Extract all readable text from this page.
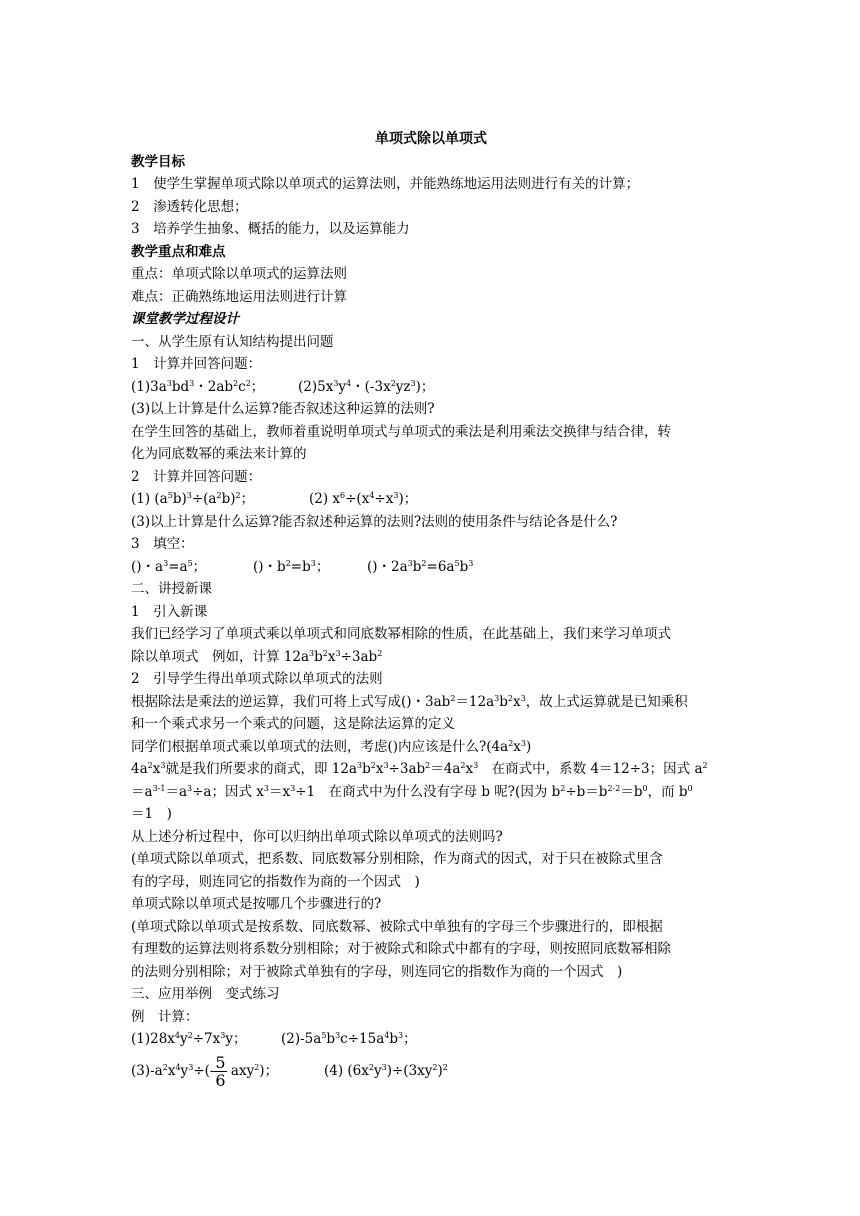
单项式除以单项式
教学目标
1　使学生掌握单项式除以单项式的运算法则，并能熟练地运用法则进行有关的计算；
2　渗透转化思想；
3　培养学生抽象、概括的能力，以及运算能力
教学重点和难点
重点：单项式除以单项式的运算法则
难点：正确熟练地运用法则进行计算
课堂教学过程设计
一、从学生原有认知结构提出问题
1　计算并回答问题：
$(1)3a^3bd^3$・$2ab^2c^2$； $(2)5x^3y^4$・$(-3x^2yz^3)$；
(3)以上计算是什么运算?能否叙述这种运算的法则?
在学生回答的基础上，教师着重说明单项式与单项式的乘法是利用乘法交换律与结合律，转
化为同底数幂的乘法来计算的
2　计算并回答问题：
(1) $(a^5b)^3\div(a^2b)^2$；	(2) $x^6\div(x^4\div x^3)$；
(3)以上计算是什么运算?能否叙述种运算的法则?法则的使用条件与结论各是什么?
3　填空：
()・$a^3=a^5$；	()・$b^2=b^3$；	()・$2a^3b^2=6a^5b^3$
二、讲授新课
1　引入新课
我们已经学习了单项式乘以单项式和同底数幂相除的性质，在此基础上，我们来学习单项式
除以单项式　例如，计算 $12a^3b^2x^3\div 3ab^2$
2　引导学生得出单项式除以单项式的法则
根据除法是乘法的逆运算，我们可将上式写成()・$3ab^2=12a^3b^2x^3$，故上式运算就是已知乘积
和一个乘式求另一个乘式的问题，这是除法运算的定义
同学们根据单项式乘以单项式的法则，考虑()内应该是什么$?(4a^2x^3)$
$4a^2x^3$就是我们所要求的商式，即 $12a^3b^2x^3\div 3ab^2=4a^2x^3$　在商式中，系数 4＝12÷3；因式 $a^2$
$=a^{3-1}=a^3\div a$；因式 $x^3=x^3\div 1$　在商式中为什么没有字母 b 呢?(因为 $b^2\div b=b^{2-2}=b^0$，而 $b^0$
＝1　)
从上述分析过程中，你可以归纳出单项式除以单项式的法则吗?
(单项式除以单项式，把系数、同底数幂分别相除，作为商式的因式，对于只在被除式里含
有的字母，则连同它的指数作为商的一个因式　)
单项式除以单项式是按哪几个步骤进行的?
(单项式除以单项式是按系数、同底数幂、被除式中单独有的字母三个步骤进行的，即根据
有理数的运算法则将系数分别相除；对于被除式和除式中都有的字母，则按照同底数幂相除
的法则分别相除；对于被除式单独有的字母，则连同它的指数作为商的一个因式　)
三、应用举例　变式练习
例　计算：
$(1)28x^4y^2\div 7x^3y$；	$(2)-5a^5b^3c\div 15a^4b^3$；
$(3)-a^2x^4y^3\div(- \frac{5}{6} axy^2)$；	(4) $(6x^2y^3)\div(3xy^2)^2$
